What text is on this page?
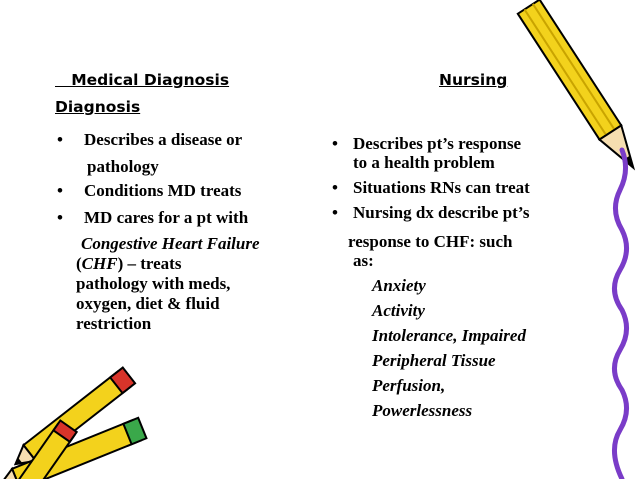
Medical Diagnosis
Diagnosis
Nursing
• Describes a disease or
pathology
• Conditions MD treats
• MD cares for a pt with
Congestive Heart Failure
(CHF) – treats
pathology with meds,
oxygen, diet & fluid
restriction
• Describes pt’s response
to a health problem
• Situations RNs can treat
• Nursing dx describe pt’s
response to CHF: such
as:
Anxiety
Activity
Intolerance, Impaired
Peripheral Tissue
Perfusion,
Powerlessness
